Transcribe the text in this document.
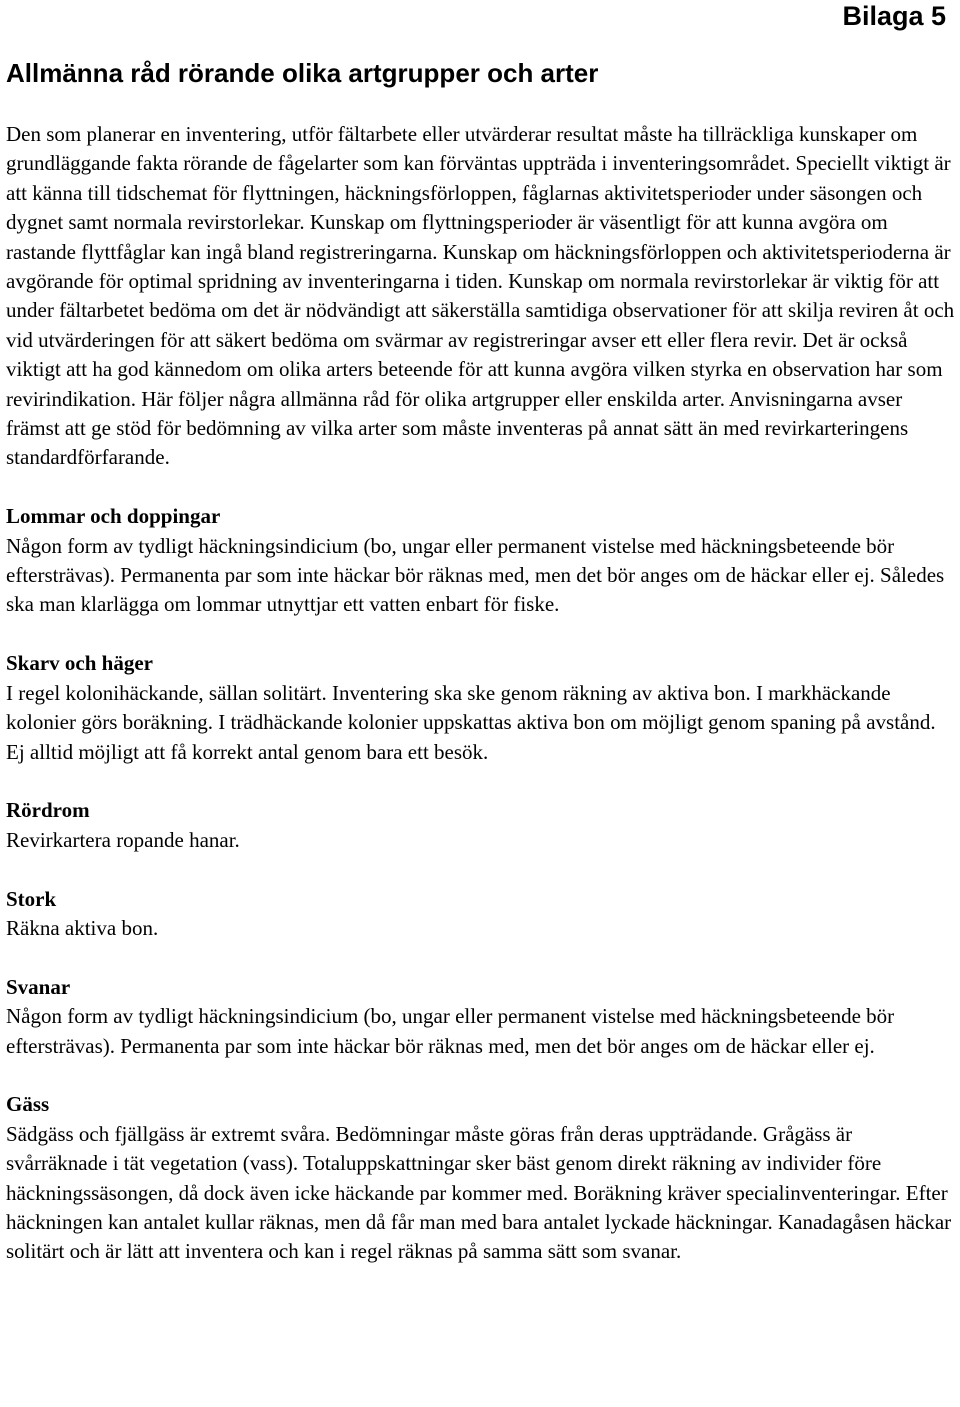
Bilaga 5
Allmänna råd rörande olika artgrupper och arter

Den som planerar en inventering, utför fältarbete eller utvärderar resultat måste ha tillräckliga kunskaper om grundläggande fakta rörande de fågelarter som kan förväntas uppträda i inventeringsområdet. Speciellt viktigt är att känna till tidschemat för flyttningen, häckningsförloppen, fåglarnas aktivitetsperioder under säsongen och dygnet samt normala revirstorlekar. Kunskap om flyttningsperioder är väsentligt för att kunna avgöra om rastande flyttfåglar kan ingå bland registreringarna. Kunskap om häckningsförloppen och aktivitetsperioderna är avgörande för optimal spridning av inventeringarna i tiden. Kunskap om normala revirstorlekar är viktig för att under fältarbetet bedöma om det är nödvändigt att säkerställa samtidiga observationer för att skilja reviren åt och vid utvärderingen för att säkert bedöma om svärmar av registreringar avser ett eller flera revir. Det är också viktigt att ha god kännedom om olika arters beteende för att kunna avgöra vilken styrka en observation har som revirindikation. Här följer några allmänna råd för olika artgrupper eller enskilda arter. Anvisningarna avser främst att ge stöd för bedömning av vilka arter som måste inventeras på annat sätt än med revirkarteringens standardförfarande.

Lommar och doppingar

Någon form av tydligt häckningsindicium (bo, ungar eller permanent vistelse med häckningsbeteende bör eftersträvas). Permanenta par som inte häckar bör räknas med, men det bör anges om de häckar eller ej. Således ska man klarlägga om lommar utnyttjar ett vatten enbart för fiske.

Skarv och häger

I regel kolonihäckande, sällan solitärt. Inventering ska ske genom räkning av aktiva bon. I markhäckande kolonier görs boräkning. I trädhäckande kolonier uppskattas aktiva bon om möjligt genom spaning på avstånd. Ej alltid möjligt att få korrekt antal genom bara ett besök.

Rördrom

Revirkartera ropande hanar.

Stork

Räkna aktiva bon.

Svanar

Någon form av tydligt häckningsindicium (bo, ungar eller permanent vistelse med häckningsbeteende bör eftersträvas). Permanenta par som inte häckar bör räknas med, men det bör anges om de häckar eller ej.

Gäss

Sädgäss och fjällgäss är extremt svåra. Bedömningar måste göras från deras uppträdande. Grågäss är svårräknade i tät vegetation (vass). Totaluppskattningar sker bäst genom direkt räkning av individer före häckningssäsongen, då dock även icke häckande par kommer med. Boräkning kräver specialinventeringar. Efter häckningen kan antalet kullar räknas, men då får man med bara antalet lyckade häckningar. Kanadagåsen häckar solitärt och är lätt att inventera och kan i regel räknas på samma sätt som svanar.
